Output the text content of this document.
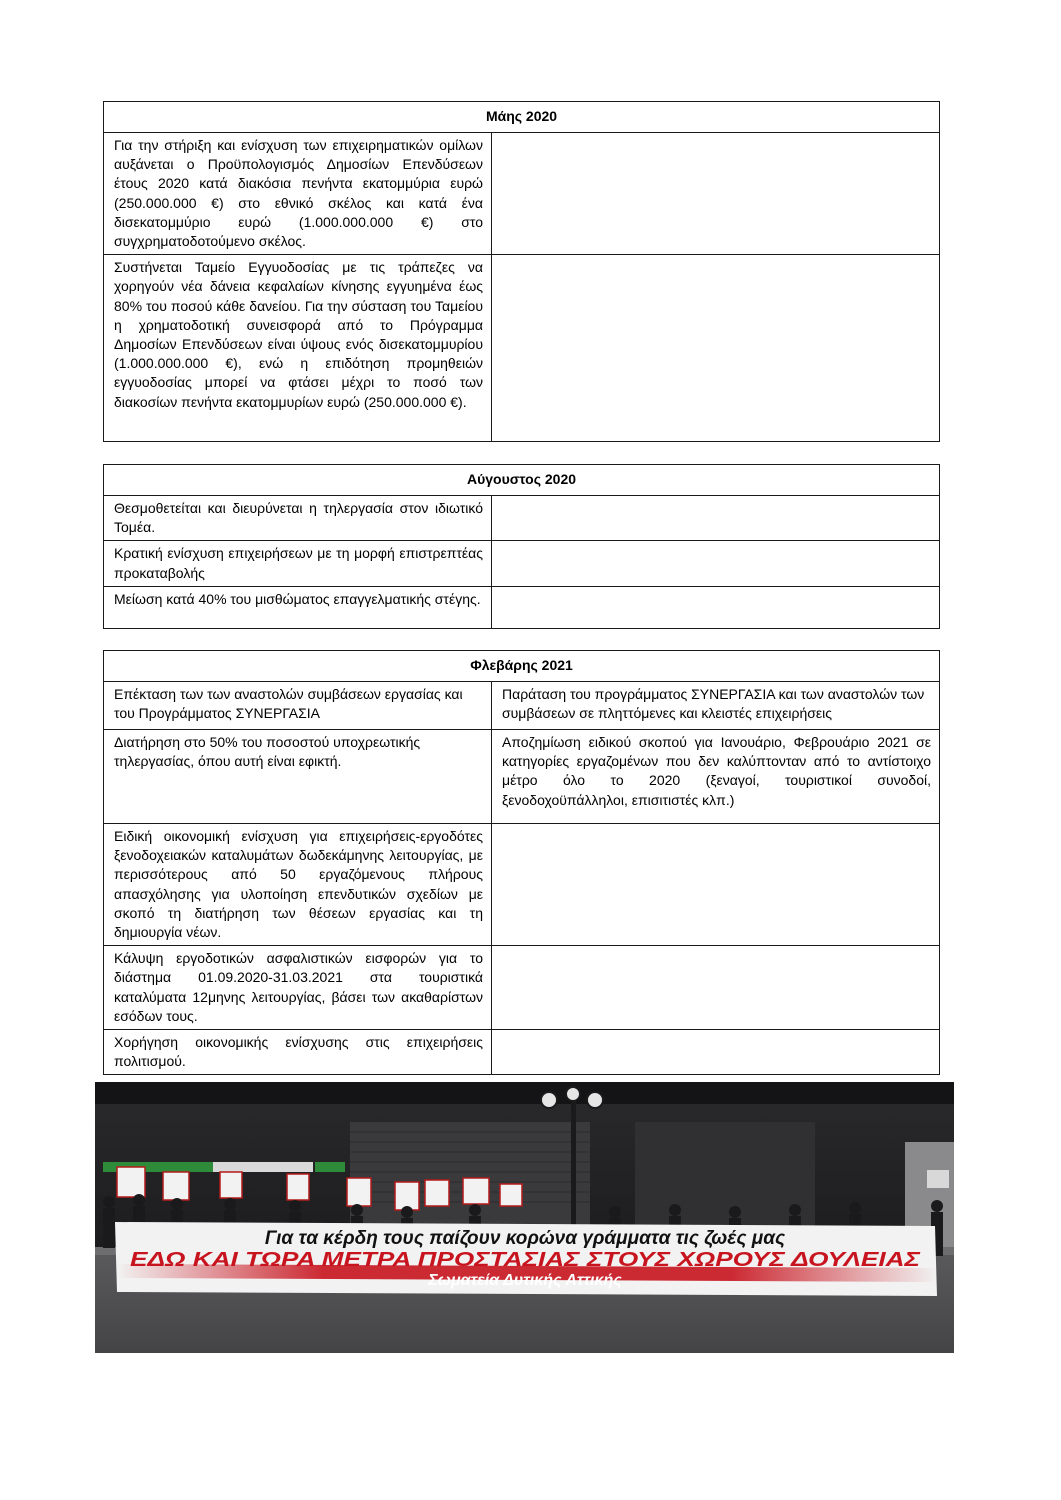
Μάης 2020	
Για την στήριξη και ενίσχυση των επιχειρηματικών ομίλων αυξάνεται ο Προϋπολογισμός Δημοσίων Επενδύσεων έτους 2020 κατά διακόσια πενήντα εκατομμύρια ευρώ (250.000.000 €) στο εθνικό σκέλος και κατά ένα δισεκατομμύριο ευρώ (1.000.000.000 €) στο συγχρηματοδοτούμενο σκέλος.	
Συστήνεται Ταμείο Εγγυοδοσίας με τις τράπεζες να χορηγούν νέα δάνεια κεφαλαίων κίνησης εγγυημένα έως 80% του ποσού κάθε δανείου. Για την σύσταση του Ταμείου η χρηματοδοτική συνεισφορά από το Πρόγραμμα Δημοσίων Επενδύσεων είναι ύψους ενός δισεκατομμυρίου (1.000.000.000 €), ενώ η επιδότηση προμηθειών εγγυοδοσίας μπορεί να φτάσει μέχρι το ποσό των διακοσίων πενήντα εκατομμυρίων ευρώ (250.000.000 €).	
Αύγουστος 2020	
Θεσμοθετείται και διευρύνεται η τηλεργασία στον ιδιωτικό Τομέα.	
Κρατική ενίσχυση επιχειρήσεων με τη μορφή επιστρεπτέας προκαταβολής	
Μείωση κατά 40% του μισθώματος επαγγελματικής στέγης.	
Φλεβάρης 2021	
Επέκταση των των αναστολών συμβάσεων εργασίας και του Προγράμματος ΣΥΝΕΡΓΑΣΙΑ	Παράταση του προγράμματος ΣΥΝΕΡΓΑΣΙΑ και των αναστολών των συμβάσεων σε πληττόμενες και κλειστές επιχειρήσεις
Διατήρηση στο 50% του ποσοστού υποχρεωτικής τηλεργασίας, όπου αυτή είναι εφικτή.	Αποζημίωση ειδικού σκοπού για Ιανουάριο, Φεβρουάριο 2021 σε κατηγορίες εργαζομένων που δεν καλύπτονταν από το αντίστοιχο μέτρο όλο το 2020 (ξεναγοί, τουριστικοί συνοδοί, ξενοδοχοϋπάλληλοι, επισιτιστές κλπ.)
Ειδική οικονομική ενίσχυση για επιχειρήσεις-εργοδότες ξενοδοχειακών καταλυμάτων δωδεκάμηνης λειτουργίας, με περισσότερους από 50 εργαζόμενους πλήρους απασχόλησης για υλοποίηση επενδυτικών σχεδίων με σκοπό τη διατήρηση των θέσεων εργασίας και τη δημιουργία νέων.	
Κάλυψη εργοδοτικών ασφαλιστικών εισφορών για το διάστημα 01.09.2020-31.03.2021 στα τουριστικά καταλύματα 12μηνης λειτουργίας, βάσει των ακαθαρίστων εσόδων τους.	
Χορήγηση οικονομικής ενίσχυσης στις επιχειρήσεις πολιτισμού.	
Για τα κέρδη τους παίζουν κορώνα γράμματα τις ζωές μας
ΕΔΩ ΚΑΙ ΤΩΡΑ ΜΕΤΡΑ ΠΡΟΣΤΑΣΙΑΣ ΣΤΟΥΣ ΧΩΡΟΥΣ ΔΟΥΛΕΙΑΣ
Σωματεία Δυτικής Αττικής
